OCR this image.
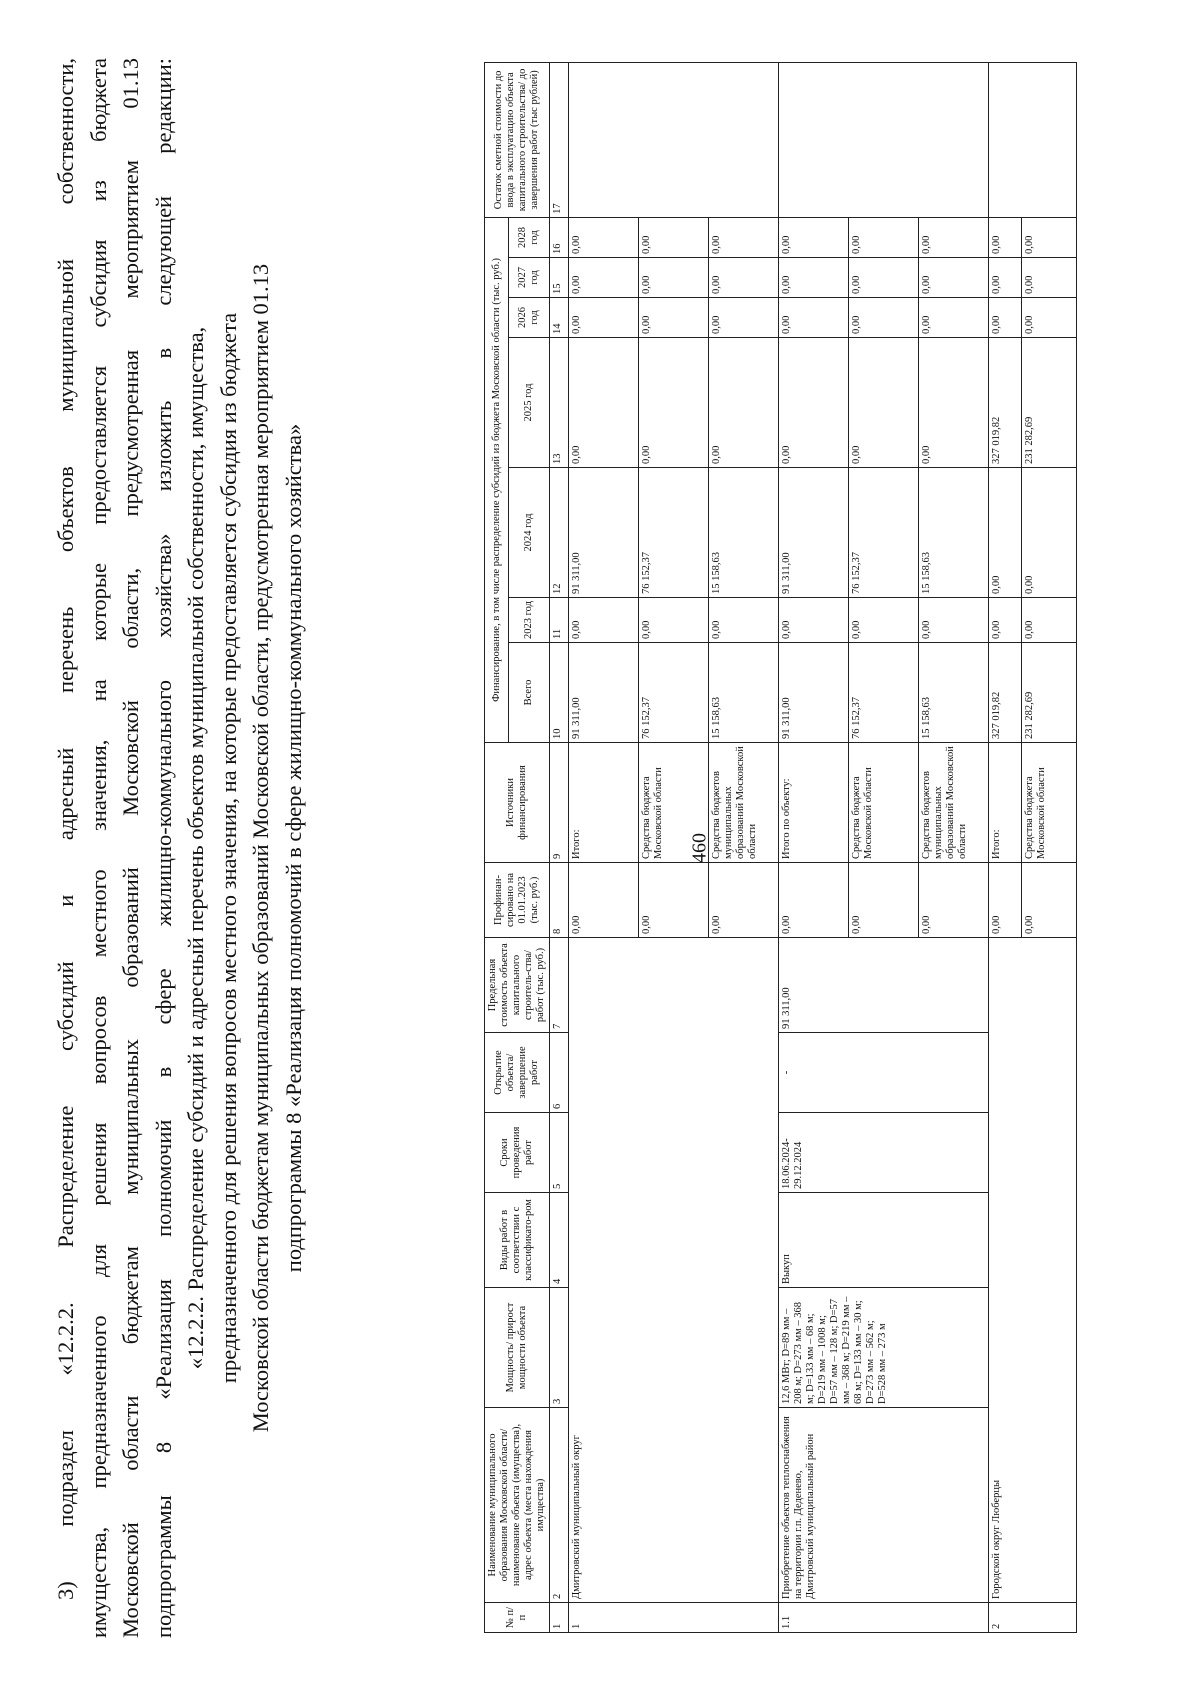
460

3) подраздел «12.2.2. Распределение субсидий и адресный перечень объектов муниципальной собственности, имущества, предназначенного для решения вопросов местного значения, на которые предоставляется субсидия из бюджета Московской области бюджетам муниципальных образований Московской области, предусмотренная мероприятием 01.13 подпрограммы 8 «Реализация полномочий в сфере жилищно-коммунального хозяйства» изложить в следующей редакции: «12.2.2. Распределение субсидий и адресный перечень объектов муниципальной собственности, имущества, предназначенного для решения вопросов местного значения, на которые предоставляется субсидия из бюджета Московской области бюджетам муниципальных образований Московской области, предусмотренная мероприятием 01.13 подпрограммы 8 «Реализация полномочий в сфере жилищно-коммунального хозяйства»

№ п/п	Наименование муниципального образования Московской области/наименование объекта (имущества), адрес объекта (места нахождения имущества)	Мощность/ прирост мощности объекта	Виды работ в соответствии с классификато-ром	Сроки проведения работ	Открытие объекта/ завершение работ	Предельная стоимость объекта капитального строитель-ства/работ (тыс. руб.)	Профинан-сировано на 01.01.2023 (тыс. руб.)	Источники финансирования	Финансирование, в том числе распределение субсидий из бюджета Московской области (тыс. руб.)							Остаток сметной стоимости до ввода в эксплуатацию объекта капитального строительства/ до завершения работ (тыс рублей)
									Всего	2023 год	2024 год	2025 год	2026 год	2027 год	2028 год	
1	2	3	4	5	6	7	8	9	10	11	12	13	14	15	16	17
1	Дмитровский муниципальный округ						0,00	Итого:	91 311,00	0,00	91 311,00	0,00	0,00	0,00	0,00	
							0,00	Средства бюджета Московской области	76 152,37	0,00	76 152,37	0,00	0,00	0,00	0,00	
							0,00	Средства бюджетов муниципальных образований Московской области	15 158,63	0,00	15 158,63	0,00	0,00	0,00	0,00	
1.1	Приобретение объектов теплоснабжения на территории г.п. Деденево, Дмитровский муниципальный район	12,6 МВт; D=89 мм – 208 м; D=273 мм – 368 м; D=133 мм – 68 м; D=219 мм – 1008 м; D=57 мм – 128 м; D=57 мм – 368 м; D=219 мм – 68 м; D=133 мм – 30 м; D=273 мм – 562 м; D=528 мм – 273 м	Выкуп	18.06.2024-29.12.2024	-	91 311,00	0,00	Итого по объекту:	91 311,00	0,00	91 311,00	0,00	0,00	0,00	0,00	
							0,00	Средства бюджета Московской области	76 152,37	0,00	76 152,37	0,00	0,00	0,00	0,00	
							0,00	Средства бюджетов муниципальных образований Московской области	15 158,63	0,00	15 158,63	0,00	0,00	0,00	0,00	
2	Городской округ Люберцы						0,00	Итого:	327 019,82	0,00	0,00	327 019,82	0,00	0,00	0,00	
							0,00	Средства бюджета Московской области	231 282,69	0,00	0,00	231 282,69	0,00	0,00	0,00	
